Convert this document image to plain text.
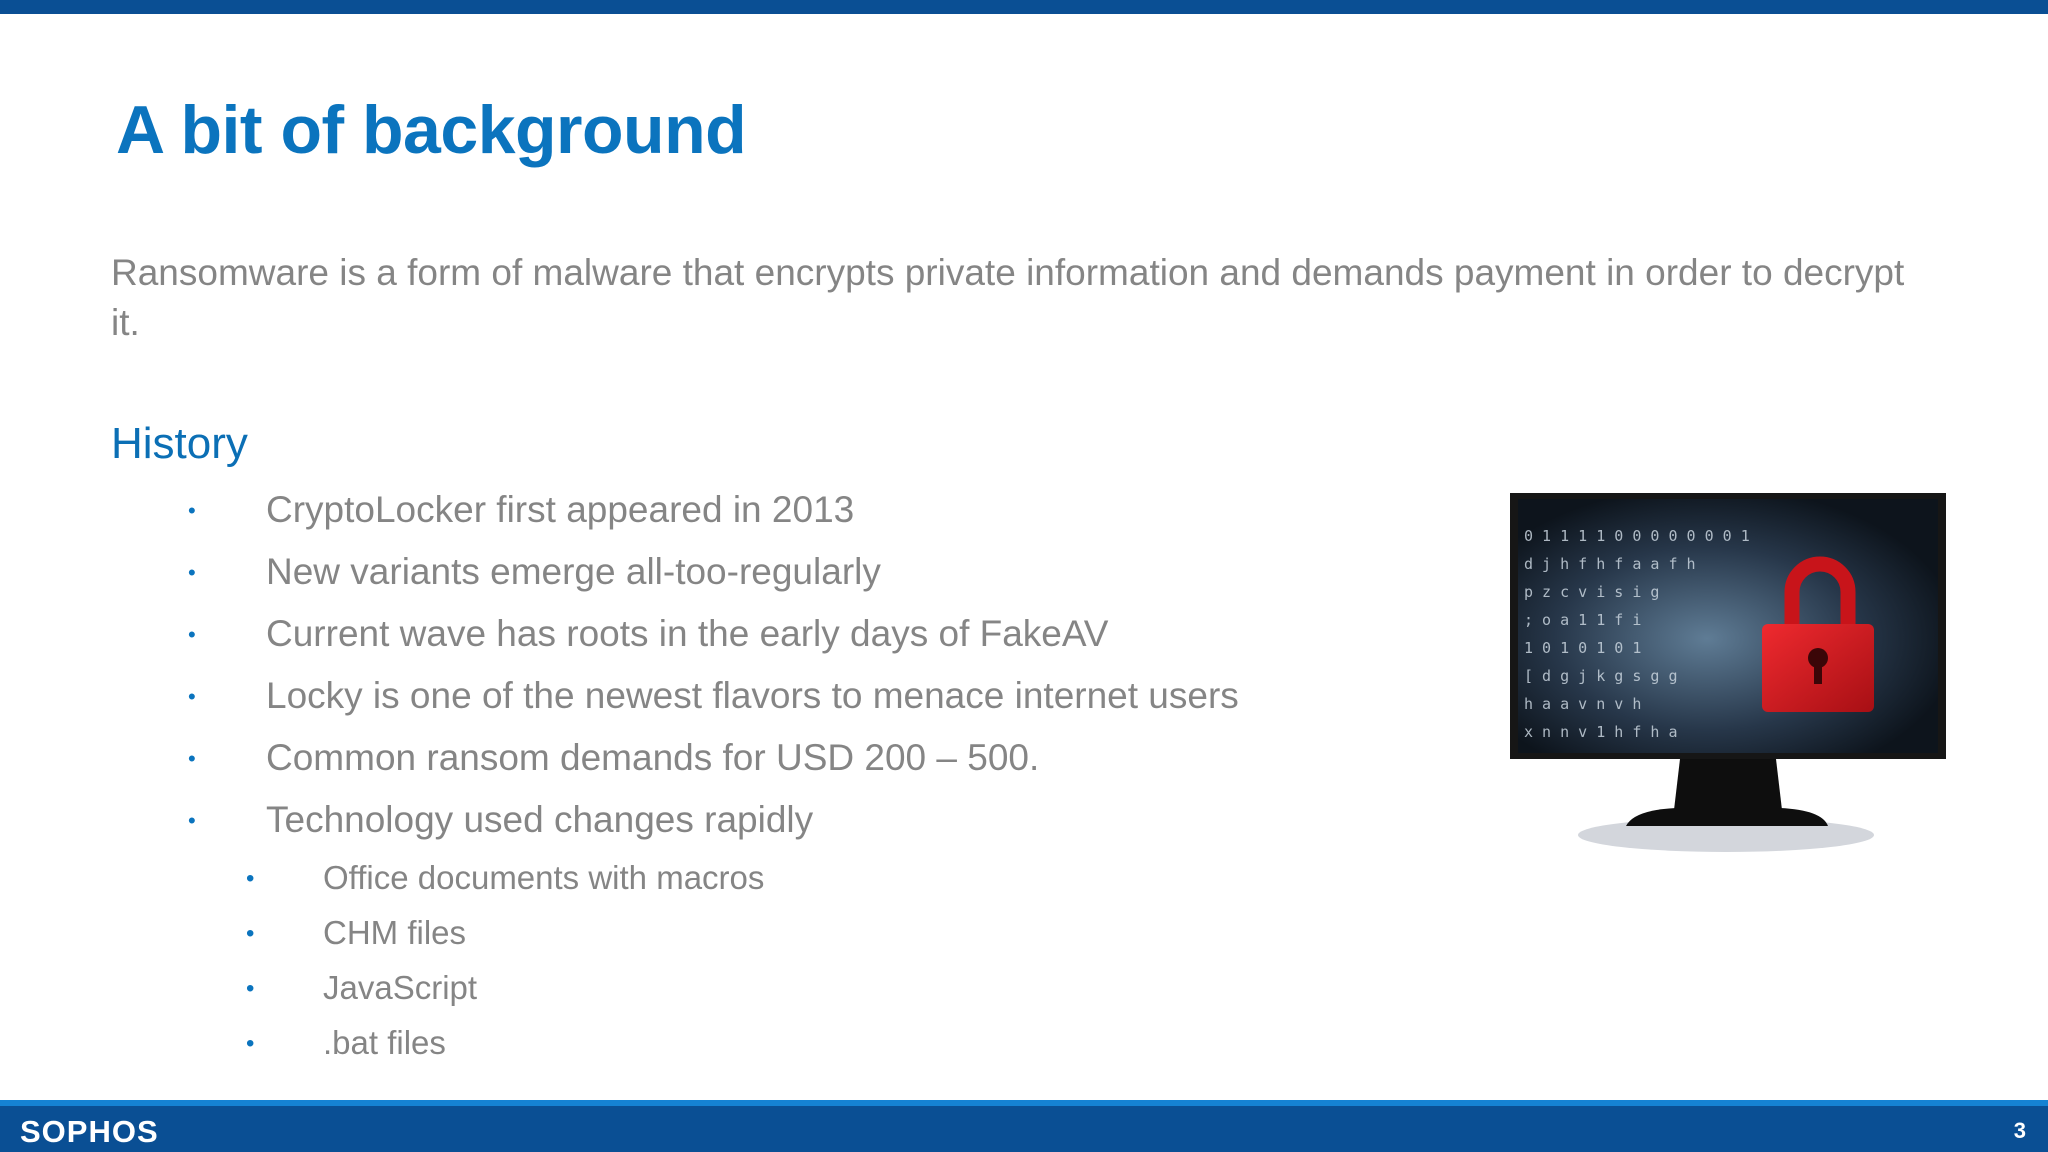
A bit of background
Ransomware is a form of malware that encrypts private information and demands payment in order to decrypt it.
History
• CryptoLocker first appeared in 2013
• New variants emerge all-too-regularly
• Current wave has roots in the early days of FakeAV
• Locky is one of the newest flavors to menace internet users
• Common ransom demands for USD 200 – 500.
• Technology used changes rapidly
• Office documents with macros
• CHM files
• JavaScript
• .bat files
0 1 1 1 1 0 0 0 0 0 0 0 1
d j h f h f a a f h
p z c v i s i g
; o a 1 1 f i
1 0 1 0 1 0 1
[ d g j k g s g g
h a a v n v h
x n n v 1 h f h a
SOPHOS	3
